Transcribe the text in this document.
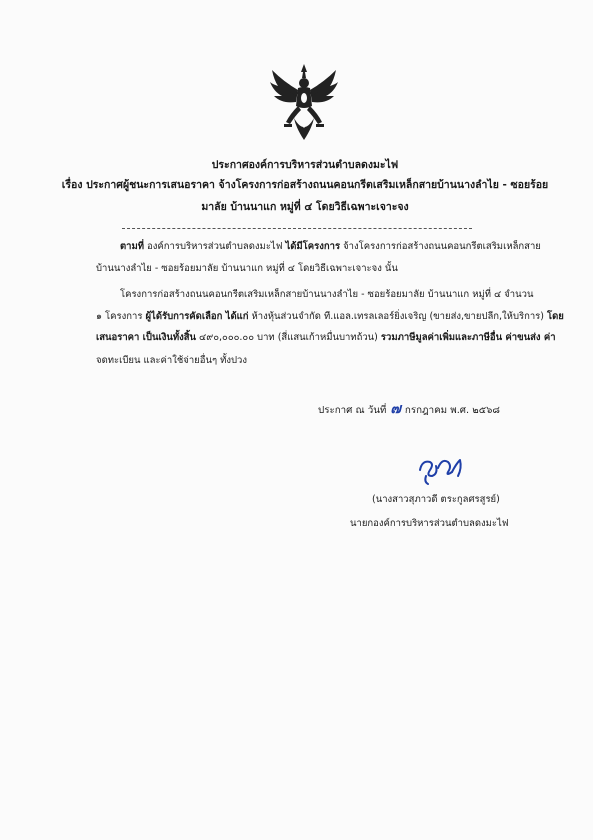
ประกาศองค์การบริหารส่วนตำบลดงมะไฟ
เรื่อง ประกาศผู้ชนะการเสนอราคา จ้างโครงการก่อสร้างถนนคอนกรีตเสริมเหล็กสายบ้านนางลำไย - ซอยร้อย
มาลัย บ้านนาแก หมู่ที่ ๔ โดยวิธีเฉพาะเจาะจง
ตามที่ องค์การบริหารส่วนตำบลดงมะไฟ ได้มีโครงการ จ้างโครงการก่อสร้างถนนคอนกรีตเสริมเหล็กสาย
บ้านนางลำไย - ซอยร้อยมาลัย บ้านนาแก หมู่ที่ ๔ โดยวิธีเฉพาะเจาะจง นั้น
โครงการก่อสร้างถนนคอนกรีตเสริมเหล็กสายบ้านนางลำไย - ซอยร้อยมาลัย บ้านนาแก หมู่ที่ ๔ จำนวน
๑ โครงการ ผู้ได้รับการคัดเลือก ได้แก่ ห้างหุ้นส่วนจำกัด ที.แอล.เทรลเลอร์ยิ่งเจริญ (ขายส่ง,ขายปลีก,ให้บริการ) โดย
เสนอราคา เป็นเงินทั้งสิ้น ๔๙๐,๐๐๐.๐๐ บาท (สี่แสนเก้าหมื่นบาทถ้วน) รวมภาษีมูลค่าเพิ่มและภาษีอื่น ค่าขนส่ง ค่า
จดทะเบียน และค่าใช้จ่ายอื่นๆ ทั้งปวง
ประกาศ ณ วันที่ ๗ กรกฎาคม พ.ศ. ๒๕๖๘
(นางสาวสุภาวดี ตระกูลศรสูรย์)
นายกองค์การบริหารส่วนตำบลดงมะไฟ
